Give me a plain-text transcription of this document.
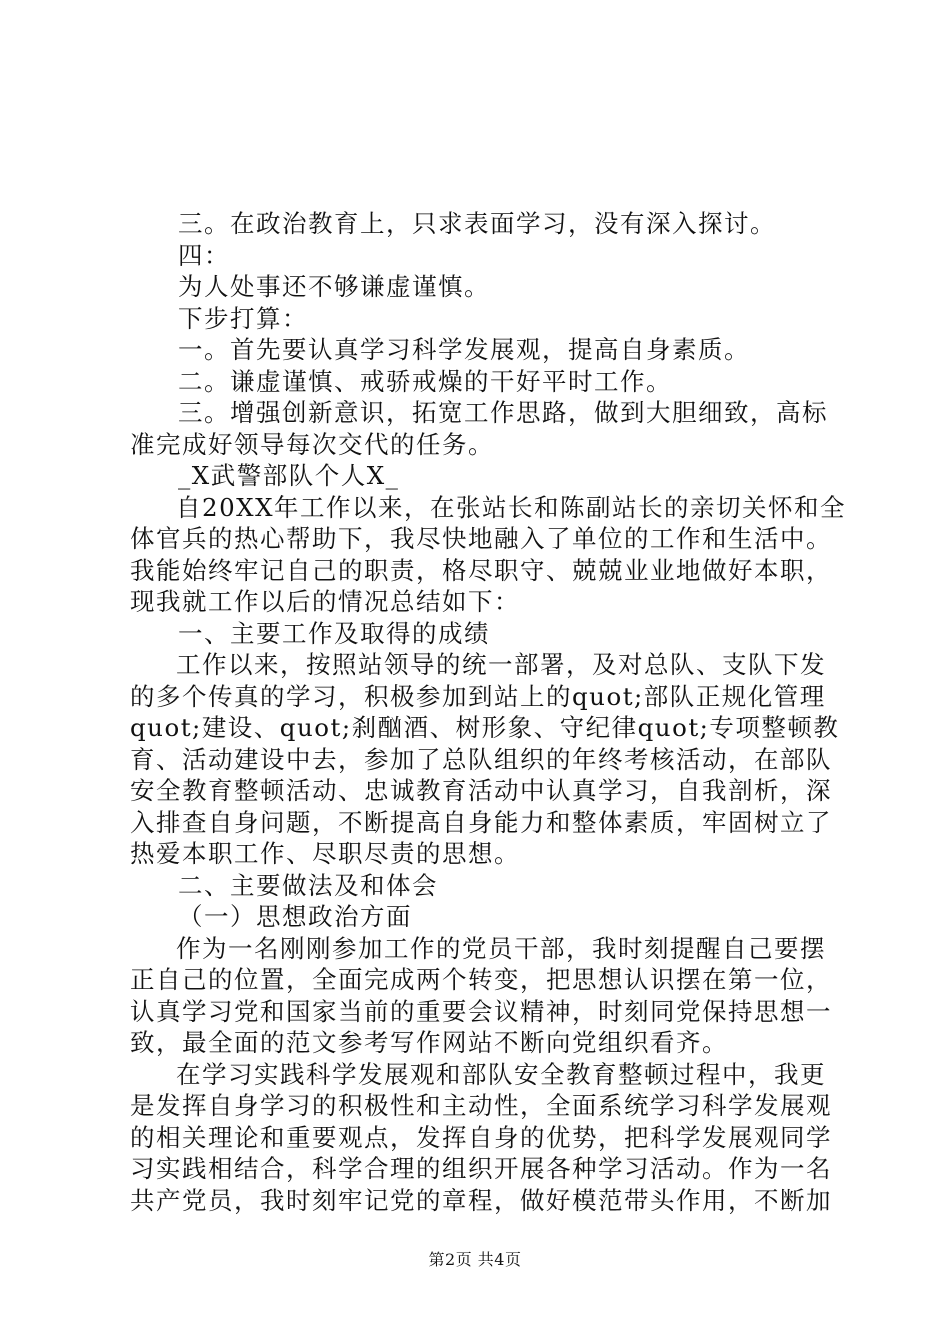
三。在政治教育上，只求表面学习，没有深入探讨。
四：
为人处事还不够谦虚谨慎。
下步打算：
一。首先要认真学习科学发展观，提高自身素质。
二。谦虚谨慎、戒骄戒燥的干好平时工作。
三。增强创新意识，拓宽工作思路，做到大胆细致，高标
准完成好领导每次交代的任务。
_X武警部队个人X_
自20XX年工作以来，在张站长和陈副站长的亲切关怀和全
体官兵的热心帮助下，我尽快地融入了单位的工作和生活中。
我能始终牢记自己的职责，格尽职守、兢兢业业地做好本职，
现我就工作以后的情况总结如下：
一、主要工作及取得的成绩
工作以来，按照站领导的统一部署，及对总队、支队下发
的多个传真的学习，积极参加到站上的quot;部队正规化管理
quot;建设、quot;刹酗酒、树形象、守纪律quot;专项整顿教
育、活动建设中去，参加了总队组织的年终考核活动，在部队
安全教育整顿活动、忠诚教育活动中认真学习，自我剖析，深
入排查自身问题，不断提高自身能力和整体素质，牢固树立了
热爱本职工作、尽职尽责的思想。
二、主要做法及和体会
（一）思想政治方面
作为一名刚刚参加工作的党员干部，我时刻提醒自己要摆
正自己的位置，全面完成两个转变，把思想认识摆在第一位，
认真学习党和国家当前的重要会议精神，时刻同党保持思想一
致，最全面的范文参考写作网站不断向党组织看齐。
在学习实践科学发展观和部队安全教育整顿过程中，我更
是发挥自身学习的积极性和主动性，全面系统学习科学发展观
的相关理论和重要观点，发挥自身的优势，把科学发展观同学
习实践相结合，科学合理的组织开展各种学习活动。作为一名
共产党员，我时刻牢记党的章程，做好模范带头作用，不断加
第2页 共4页
